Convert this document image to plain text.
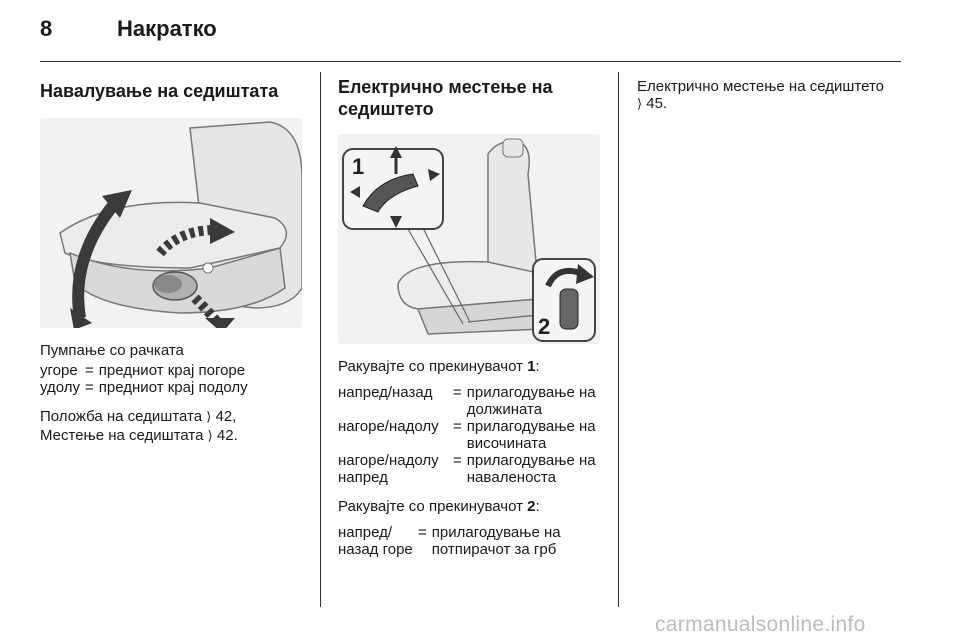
8	Накратко
Навалување на седиштата

Пумпање со рачката

угоре	=	предниот крај погоре
удолу	=	предниот крај подолу

Положба на седиштата ⟩ 42,

Местење на седиштата ⟩ 42.

Електрично местење на седиштето
1
2

Ракувајте со прекинувачот 1:

напред/назад	=	прилагодување на должината
нагоре/надолу	=	прилагодување на височината
нагоре/надолу напред	=	прилагодување на навaленоста

Ракувајте со прекинувачот 2:

напред/ назад горе	=	прилагодување на потпирачот за грб

Електрично местење на седиштето
⟩ 45.

carmanualsonline.info
